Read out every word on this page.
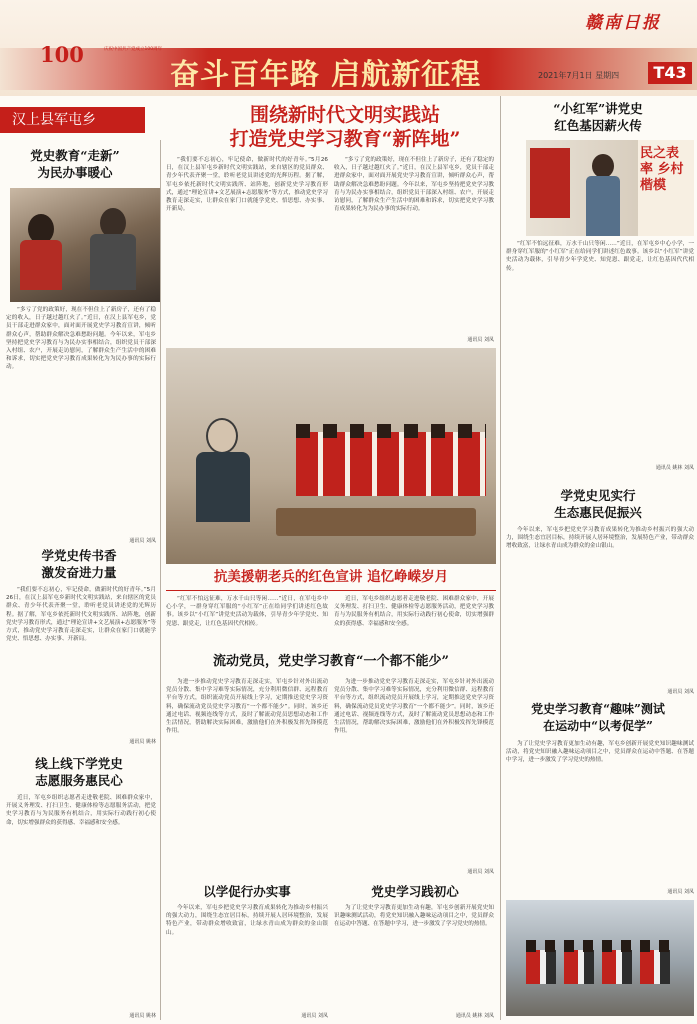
100	庆祝中国共产党成立100周年
奋斗百年路 启航新征程
赣南日报
2021年7月1日 星期四	T43
汉上县军屯乡	围绕新时代文明实践站
打造党史学习教育“新阵地”
党史教育“走新”
为民办事暖心
“多亏了党的政策好，现在不但住上了新房子，还有了稳定的收入，日子越过越红火了。”近日，在汉上县军屯乡，党员干部走进群众家中，面对面开展党史学习教育宣讲，倾听群众心声，帮助群众解决急难愁盼问题。今年以来，军屯乡坚持把党史学习教育与为民办实事相结合，组织党员干部深入村组、农户，开展走访慰问，了解群众生产生活中的困难和诉求，切实把党史学习教育成果转化为为民办事的实际行动。
通讯员 刘凤
学党史传书香
激发奋进力量
“我们要不忘初心，牢记使命，做新时代的好青年。”5月26日，在汉上县军屯乡新时代文明实践站，来自辖区的党员群众、青少年代表齐聚一堂，聆听老党员讲述党的光辉历程。据了解，军屯乡依托新时代文明实践所、站阵地，创新党史学习教育形式，通过“理论宣讲+文艺展演+志愿服务”等方式，推动党史学习教育走深走实，让群众在家门口就能学党史、悟思想、办实事、开新局。
通讯员 姚林
线上线下学党史
志愿服务惠民心
近日，军屯乡组织志愿者走进敬老院、困难群众家中，开展义务理发、打扫卫生、健康体检等志愿服务活动，把党史学习教育与为民服务有机结合，用实际行动践行初心使命，切实增强群众的获得感、幸福感和安全感。
通讯员 姚林
“我们要不忘初心，牢记使命，做新时代的好青年。”5月26日，在汉上县军屯乡新时代文明实践站，来自辖区的党员群众、青少年代表齐聚一堂，聆听老党员讲述党的光辉历程。据了解，军屯乡依托新时代文明实践所、站阵地，创新党史学习教育形式，通过“理论宣讲+文艺展演+志愿服务”等方式，推动党史学习教育走深走实，让群众在家门口就能学党史、悟思想、办实事、开新局。
“多亏了党的政策好，现在不但住上了新房子，还有了稳定的收入，日子越过越红火了。”近日，在汉上县军屯乡，党员干部走进群众家中，面对面开展党史学习教育宣讲，倾听群众心声，帮助群众解决急难愁盼问题。今年以来，军屯乡坚持把党史学习教育与为民办实事相结合，组织党员干部深入村组、农户，开展走访慰问，了解群众生产生活中的困难和诉求，切实把党史学习教育成果转化为为民办事的实际行动。
通讯员 刘凤
抗美援朝老兵的红色宣讲 追忆峥嵘岁月
“红军不怕远征难，万水千山只等闲……”近日，在军屯乡中心小学，一群身穿红军服的“小红军”正在给同学们讲述红色故事。该乡以“小红军”讲党史活动为载体，引导青少年学党史、知党恩、跟党走，让红色基因代代相传。
近日，军屯乡组织志愿者走进敬老院、困难群众家中，开展义务理发、打扫卫生、健康体检等志愿服务活动，把党史学习教育与为民服务有机结合，用实际行动践行初心使命，切实增强群众的获得感、幸福感和安全感。
流动党员，党史学习教育“一个都不能少”
为进一步推动党史学习教育走深走实，军屯乡针对外出流动党员分散、集中学习难等实际情况，充分利用微信群、远程教育平台等方式，组织流动党员开展线上学习，定期推送党史学习资料，确保流动党员党史学习教育“一个都不能少”。同时，该乡还通过电话、视频连线等方式，及时了解流动党员思想动态和工作生活情况，帮助解决实际困难，激励他们在外积极发挥先锋模范作用。
为进一步推动党史学习教育走深走实，军屯乡针对外出流动党员分散、集中学习难等实际情况，充分利用微信群、远程教育平台等方式，组织流动党员开展线上学习，定期推送党史学习资料，确保流动党员党史学习教育“一个都不能少”。同时，该乡还通过电话、视频连线等方式，及时了解流动党员思想动态和工作生活情况，帮助解决实际困难，激励他们在外积极发挥先锋模范作用。
通讯员 刘凤
以学促行办实事
今年以来，军屯乡把党史学习教育成果转化为推动乡村振兴的强大动力，围绕生态宜居目标，持续开展人居环境整治，发展特色产业，带动群众增收致富，让绿水青山成为群众的金山银山。
通讯员 刘凤
党史学习践初心
为了让党史学习教育更加生动有趣，军屯乡创新开展党史知识趣味测试活动，将党史知识融入趣味运动项目之中，党员群众在运动中答题、在答题中学习，进一步激发了学习党史的热情。
通讯员 姚林 刘凤
“小红军”讲党史
红色基因薪火传
民之表率 乡村楷模
“红军不怕远征难，万水千山只等闲……”近日，在军屯乡中心小学，一群身穿红军服的“小红军”正在给同学们讲述红色故事。该乡以“小红军”讲党史活动为载体，引导青少年学党史、知党恩、跟党走，让红色基因代代相传。
通讯员 姚林 刘凤
学党史见实行
生态惠民促振兴
今年以来，军屯乡把党史学习教育成果转化为推动乡村振兴的强大动力，围绕生态宜居目标，持续开展人居环境整治，发展特色产业，带动群众增收致富，让绿水青山成为群众的金山银山。
通讯员 刘凤
党史学习教育“趣味”测试
在运动中“以考促学”
为了让党史学习教育更加生动有趣，军屯乡创新开展党史知识趣味测试活动，将党史知识融入趣味运动项目之中，党员群众在运动中答题、在答题中学习，进一步激发了学习党史的热情。
通讯员 刘凤
